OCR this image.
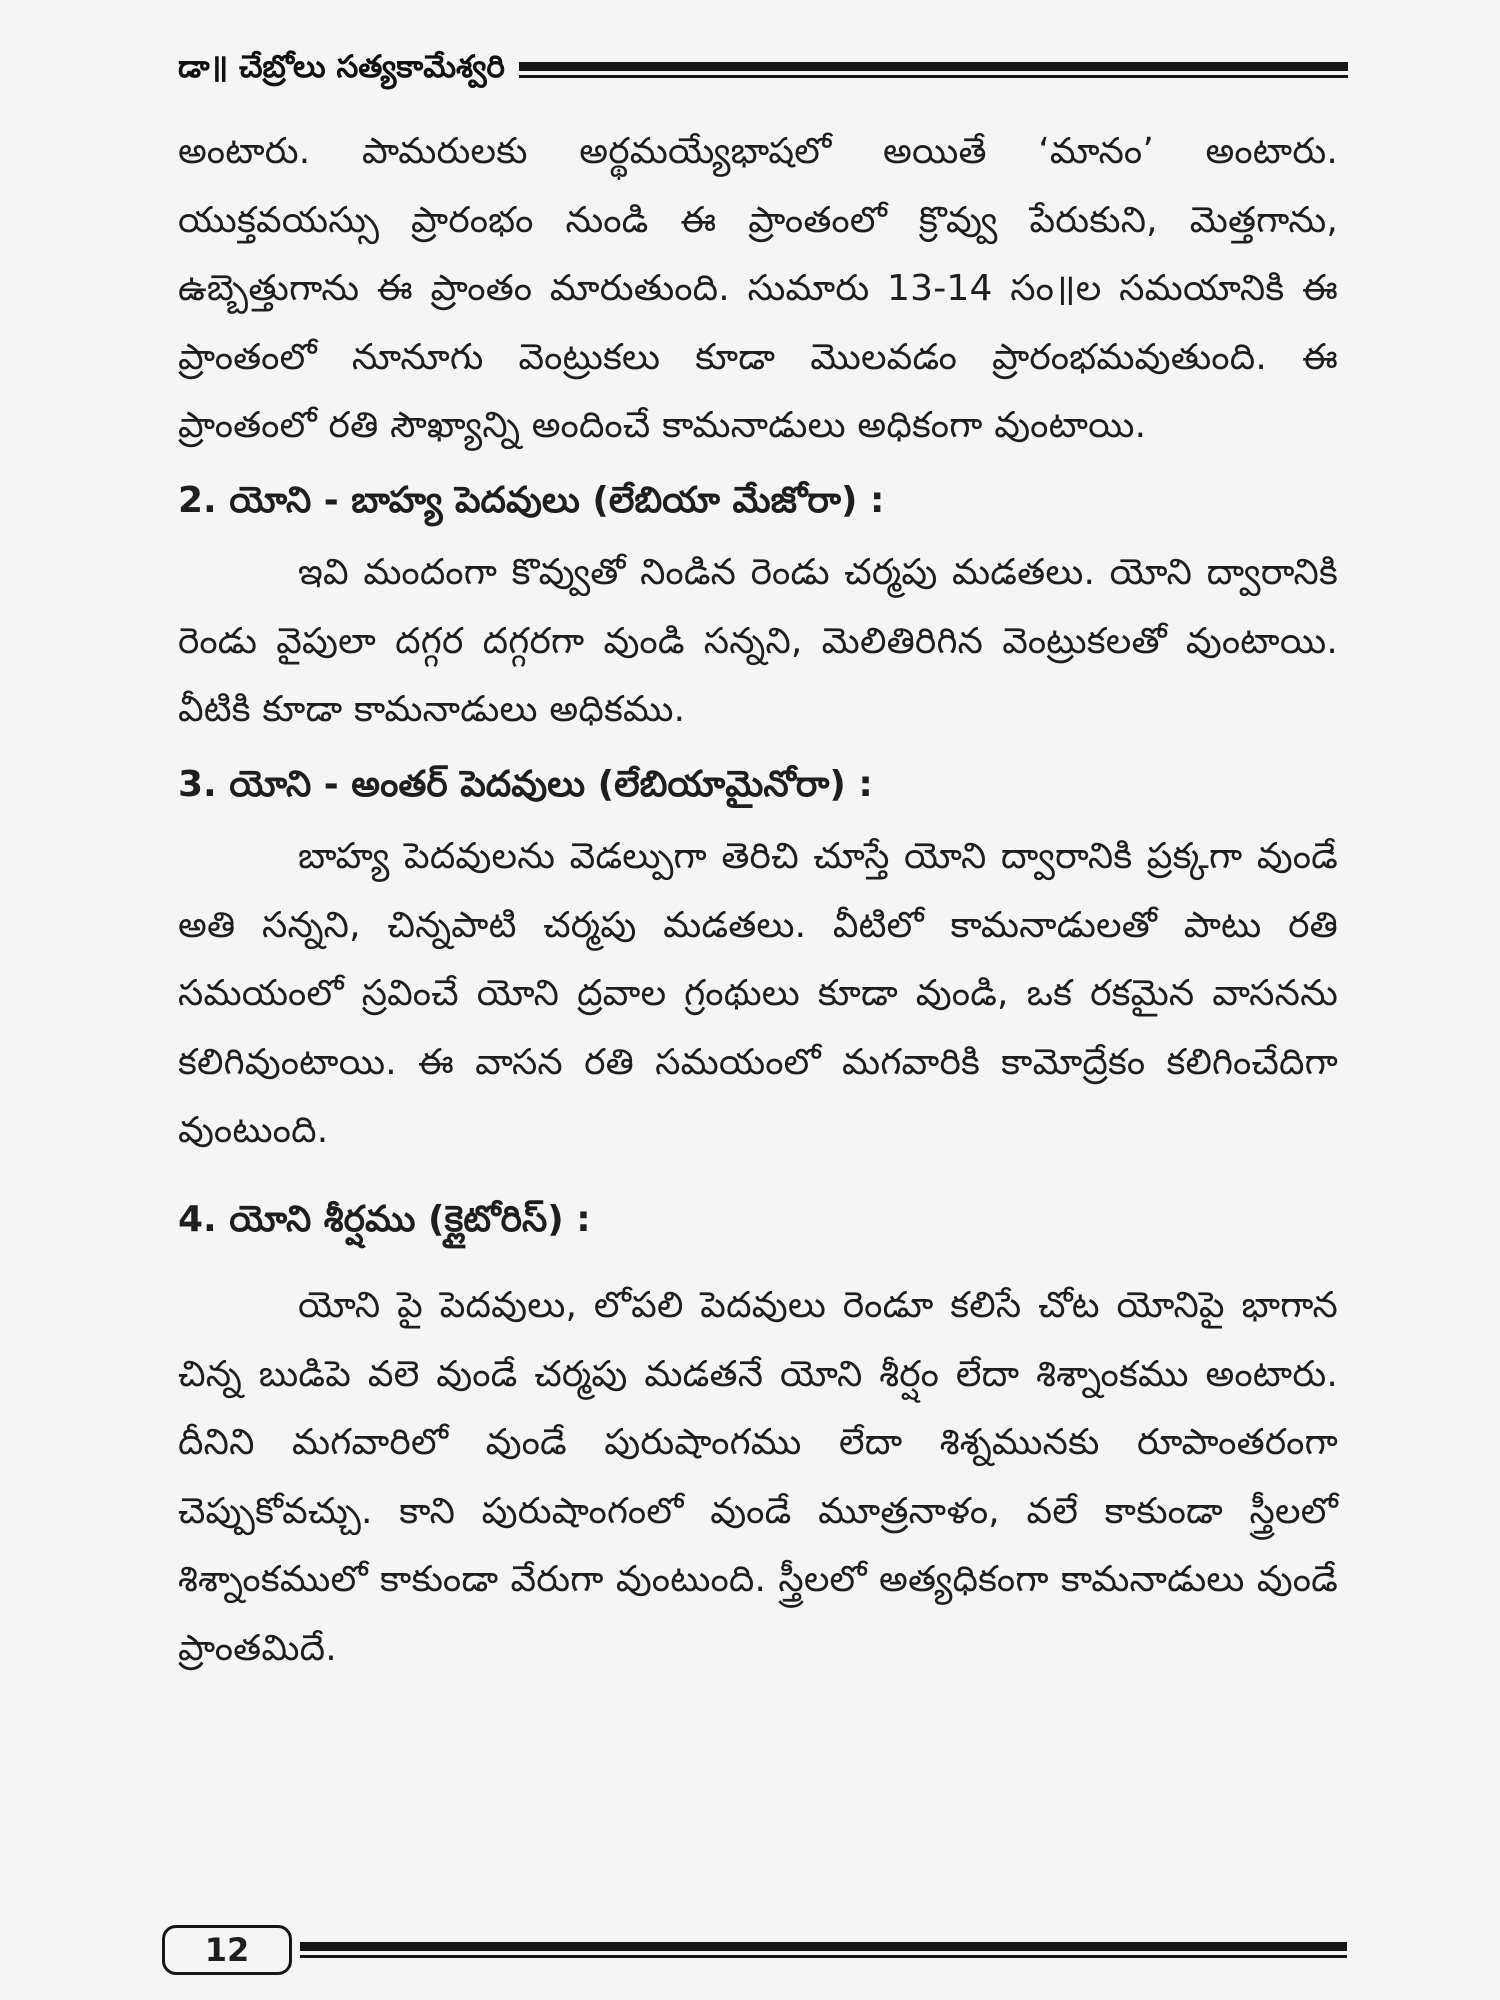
డా॥ చేబ్రోలు సత్యకామేశ్వరి

అంటారు. పామరులకు అర్థమయ్యేభాషలో అయితే ‘మానం’ అంటారు. యుక్తవయస్సు ప్రారంభం నుండి ఈ ప్రాంతంలో క్రొవ్వు పేరుకుని, మెత్తగాను, ఉబ్బెత్తుగాను ఈ ప్రాంతం మారుతుంది. సుమారు 13-14 సం॥ల సమయానికి ఈ ప్రాంతంలో నూనూగు వెంట్రుకలు కూడా మొలవడం ప్రారంభమవుతుంది. ఈ ప్రాంతంలో రతి సౌఖ్యాన్ని అందించే కామనాడులు అధికంగా వుంటాయి.

2. యోని - బాహ్య పెదవులు (లేబియా మేజోరా) :

ఇవి మందంగా కొవ్వుతో నిండిన రెండు చర్మపు మడతలు. యోని ద్వారానికి రెండు వైపులా దగ్గర దగ్గరగా వుండి సన్నని, మెలితిరిగిన వెంట్రుకలతో వుంటాయి. వీటికి కూడా కామనాడులు అధికము.

3. యోని - అంతర్ పెదవులు (లేబియామైనోరా) :

బాహ్య పెదవులను వెడల్పుగా తెరిచి చూస్తే యోని ద్వారానికి ప్రక్కగా వుండే అతి సన్నని, చిన్నపాటి చర్మపు మడతలు. వీటిలో కామనాడులతో పాటు రతి సమయంలో స్రవించే యోని ద్రవాల గ్రంథులు కూడా వుండి, ఒక రకమైన వాసనను కలిగివుంటాయి. ఈ వాసన రతి సమయంలో మగవారికి కామోద్రేకం కలిగించేదిగా వుంటుంది.

4. యోని శీర్షము (క్లైటోరిస్) :

యోని పై పెదవులు, లోపలి పెదవులు రెండూ కలిసే చోట యోనిపై భాగాన చిన్న బుడిపె వలె వుండే చర్మపు మడతనే యోని శీర్షం లేదా శిశ్నాంకము అంటారు. దీనిని మగవారిలో వుండే పురుషాంగము లేదా శిశ్నమునకు రూపాంతరంగా చెప్పుకోవచ్చు. కాని పురుషాంగంలో వుండే మూత్రనాళం, వలే కాకుండా స్త్రీలలో శిశ్నాంకములో కాకుండా వేరుగా వుంటుంది. స్త్రీలలో అత్యధికంగా కామనాడులు వుండే ప్రాంతమిదే.

12
